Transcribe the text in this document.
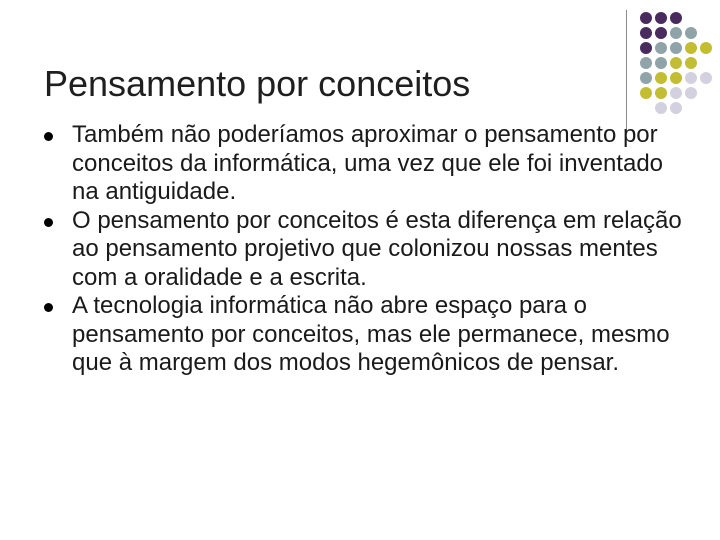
Pensamento por conceitos
Também não poderíamos aproximar o pensamento por conceitos da informática, uma vez que ele foi inventado na antiguidade.
O pensamento por conceitos é esta diferença em relação ao pensamento projetivo que colonizou nossas mentes com a oralidade e a escrita.
A tecnologia informática não abre espaço para o pensamento por conceitos, mas ele permanece, mesmo que à margem dos modos hegemônicos de pensar.
